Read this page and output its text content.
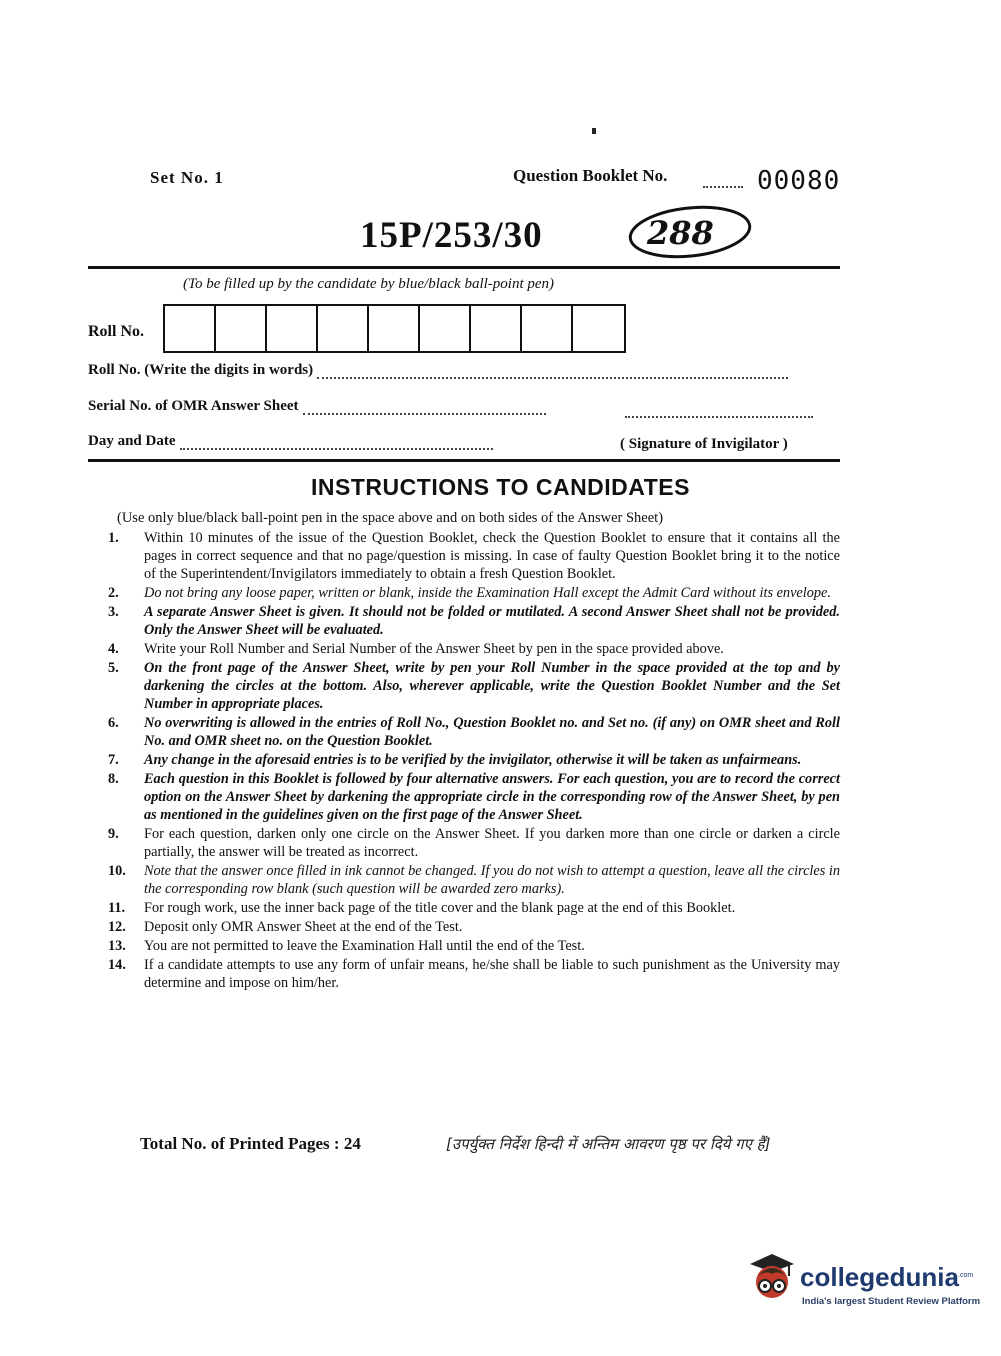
Set No. 1	Question Booklet No.	00080
15P/253/30	288
(To be filled up by the candidate by blue/black ball-point pen)
Roll No.
Roll No. (Write the digits in words)
Serial No. of OMR Answer Sheet
Day and Date	( Signature of Invigilator )
INSTRUCTIONS TO CANDIDATES
(Use only blue/black ball-point pen in the space above and on both sides of the Answer Sheet)
1.	Within 10 minutes of the issue of the Question Booklet, check the Question Booklet to ensure that it contains all the pages in correct sequence and that no page/question is missing. In case of faulty Question Booklet bring it to the notice of the Superintendent/Invigilators immediately to obtain a fresh Question Booklet.
2.	Do not bring any loose paper, written or blank, inside the Examination Hall except the Admit Card without its envelope.
3.	A separate Answer Sheet is given. It should not be folded or mutilated. A second Answer Sheet shall not be provided. Only the Answer Sheet will be evaluated.
4.	Write your Roll Number and Serial Number of the Answer Sheet by pen in the space provided above.
5.	On the front page of the Answer Sheet, write by pen your Roll Number in the space provided at the top and by darkening the circles at the bottom. Also, wherever applicable, write the Question Booklet Number and the Set Number in appropriate places.
6.	No overwriting is allowed in the entries of Roll No., Question Booklet no. and Set no. (if any) on OMR sheet and Roll No. and OMR sheet no. on the Question Booklet.
7.	Any change in the aforesaid entries is to be verified by the invigilator, otherwise it will be taken as unfairmeans.
8.	Each question in this Booklet is followed by four alternative answers. For each question, you are to record the correct option on the Answer Sheet by darkening the appropriate circle in the corresponding row of the Answer Sheet, by pen as mentioned in the guidelines given on the first page of the Answer Sheet.
9.	For each question, darken only one circle on the Answer Sheet. If you darken more than one circle or darken a circle partially, the answer will be treated as incorrect.
10.	Note that the answer once filled in ink cannot be changed. If you do not wish to attempt a question, leave all the circles in the corresponding row blank (such question will be awarded zero marks).
11.	For rough work, use the inner back page of the title cover and the blank page at the end of this Booklet.
12.	Deposit only OMR Answer Sheet at the end of the Test.
13.	You are not permitted to leave the Examination Hall until the end of the Test.
14.	If a candidate attempts to use any form of unfair means, he/she shall be liable to such punishment as the University may determine and impose on him/her.
Total No. of Printed Pages : 24	[उपर्युक्त निर्देश हिन्दी में अन्तिम आवरण पृष्ठ पर दिये गए हैं]
collegedunia .com
India's largest Student Review Platform
